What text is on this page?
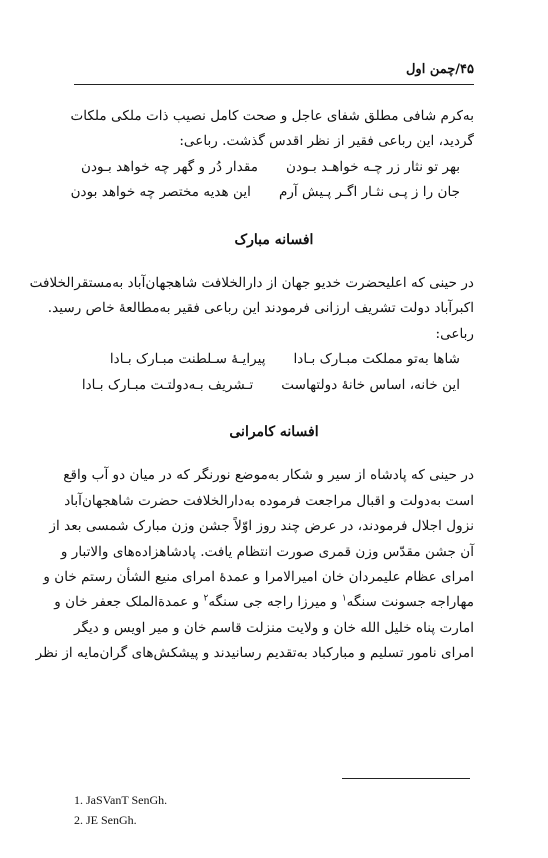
۴۵/چمن اول
به‌کرم شافی مطلق شفای عاجل و صحت کامل نصیب ذات ملکی ملکات
گردید، این رباعی فقیر از نظر اقدس گذشت. رباعی:
بهر تو نثار زر چـه خواهـد بـودن
مقدار دُر و گهر چه خواهد بـودن
جان را ز پـی نثـار اگـر پـیش آرم
این هدیه مختصر چه خواهد بودن
افسانه مبارک
در حینی که اعلیحضرت خدیو جهان از دارالخلافت شاهجهان‌آباد به‌مستقرالخلافت
اکبرآباد دولت تشریف ارزانی فرمودند این رباعی فقیر به‌مطالعهٔ خاص رسید.
رباعی:
شاها به‌تو مملکت مبـارک بـادا
پیرایـهٔ سـلطنت مبـارک بـادا
این خانه، اساس خانهٔ دولتهاست
تـشریف بـه‌دولتـت مبـارک بـادا
افسانه کامرانی
در حینی که پادشاه از سیر و شکار به‌موضع نورنگر که در میان دو آب واقع
است به‌دولت و اقبال مراجعت فرموده به‌دارالخلافت حضرت شاهجهان‌آباد
نزول اجلال فرمودند، در عرض چند روز اوّلاً جشن وزن مبارک شمسی بعد از
آن جشن مقدّس وزن قمری صورت انتظام یافت. پادشاهزاده‌های والاتبار و
امرای عظام علیمردان خان امیرالامرا و عمدهٔ امرای منیع الشأن رستم خان و
مهاراجه جسونت سنگه$^۱$ و میرزا راجه جی سنگه$^۲$ و عمدةالملک جعفر خان و
امارت پناه خلیل الله خان و ولایت منزلت قاسم خان و میر اویس و دیگر
امرای نامور تسلیم و مبارکباد به‌تقدیم رسانیدند و پیشکش‌های گران‌مایه از نظر
1. JaSVanT SenGh.
2. JE SenGh.
